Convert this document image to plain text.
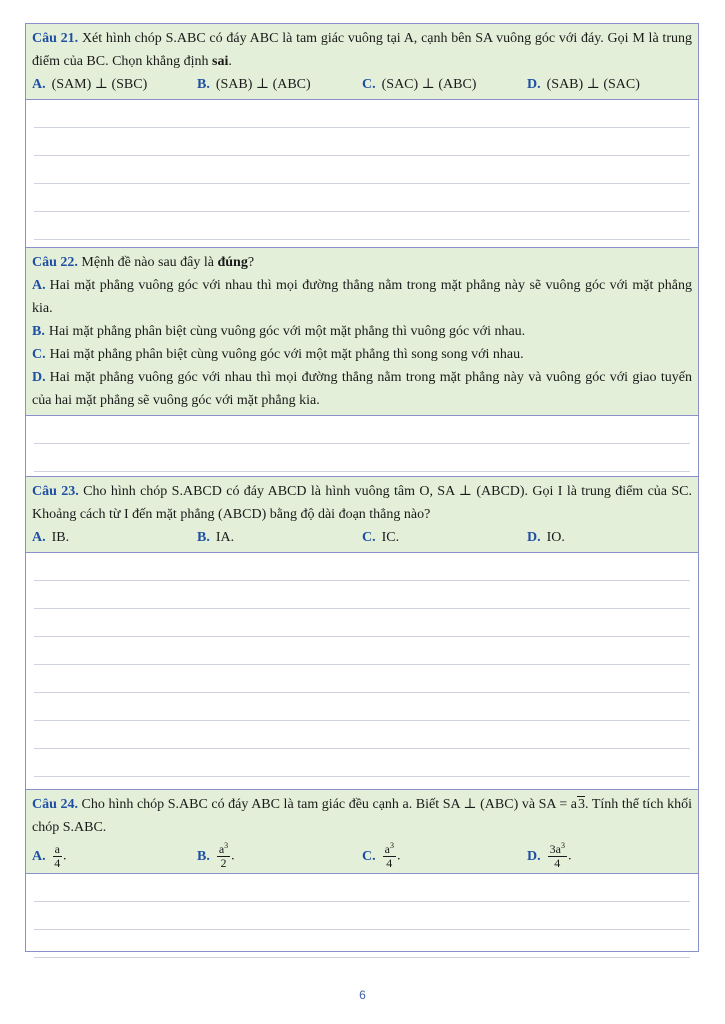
Câu 21. Xét hình chóp S.ABC có đáy ABC là tam giác vuông tại A, cạnh bên SA vuông góc với đáy. Gọi M là trung điểm của BC. Chọn khẳng định sai.
A. (SAM) ⊥ (SBC)	B. (SAB) ⊥ (ABC)	C. (SAC) ⊥ (ABC)	D. (SAB) ⊥ (SAC)
Câu 22. Mệnh đề nào sau đây là đúng?
A. Hai mặt phẳng vuông góc với nhau thì mọi đường thẳng nằm trong mặt phẳng này sẽ vuông góc với mặt phẳng kia.
B. Hai mặt phẳng phân biệt cùng vuông góc với một mặt phẳng thì vuông góc với nhau.
C. Hai mặt phẳng phân biệt cùng vuông góc với một mặt phẳng thì song song với nhau.
D. Hai mặt phẳng vuông góc với nhau thì mọi đường thẳng nằm trong mặt phẳng này và vuông góc với giao tuyến của hai mặt phẳng sẽ vuông góc với mặt phẳng kia.
Câu 23. Cho hình chóp S.ABCD có đáy ABCD là hình vuông tâm O, SA ⊥ (ABCD). Gọi I là trung điểm của SC. Khoảng cách từ I đến mặt phẳng (ABCD) bằng độ dài đoạn thẳng nào?
A. IB.	B. IA.	C. IC.	D. IO.
Câu 24. Cho hình chóp S.ABC có đáy ABC là tam giác đều cạnh a. Biết SA ⊥ (ABC) và SA = a3. Tính thể tích khối chóp S.ABC.
A. $\frac{a}{4}$ .	B. $\frac{a^3}{2}$ .	C. $\frac{a^3}{4}$ .	D. $\frac{3a^3}{4}$ .
6
